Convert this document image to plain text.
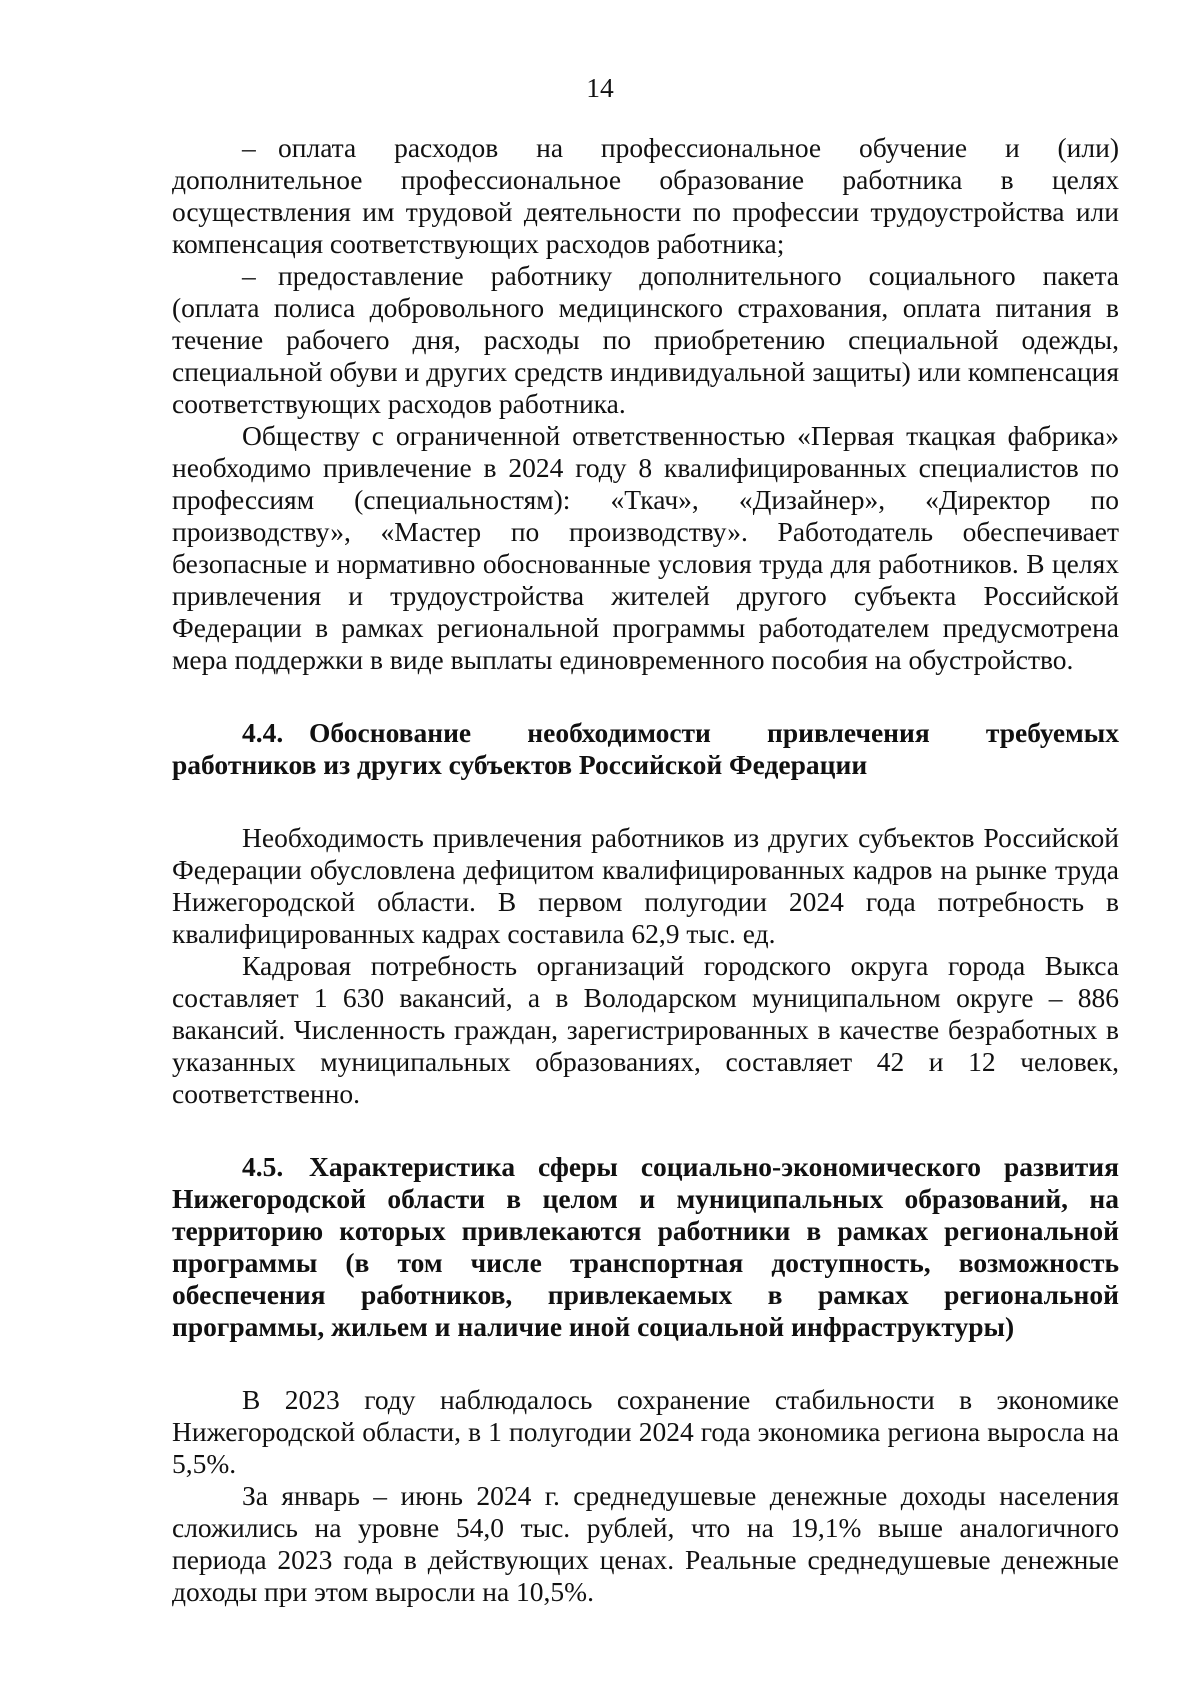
14

– оплата расходов на профессиональное обучение и (или) дополнительное профессиональное образование работника в целях осуществления им трудовой деятельности по профессии трудоустройства или компенсация соответствующих расходов работника;

– предоставление работнику дополнительного социального пакета (оплата полиса добровольного медицинского страхования, оплата питания в течение рабочего дня, расходы по приобретению специальной одежды, специальной обуви и других средств индивидуальной защиты) или компенсация соответствующих расходов работника.

Обществу с ограниченной ответственностью «Первая ткацкая фабрика» необходимо привлечение в 2024 году 8 квалифицированных специалистов по профессиям (специальностям): «Ткач», «Дизайнер», «Директор по производству», «Мастер по производству». Работодатель обеспечивает безопасные и нормативно обоснованные условия труда для работников. В целях привлечения и трудоустройства жителей другого субъекта Российской Федерации в рамках региональной программы работодателем предусмотрена мера поддержки в виде выплаты единовременного пособия на обустройство.

4.4. Обоснование необходимости привлечения требуемых работников из других субъектов Российской Федерации

Необходимость привлечения работников из других субъектов Российской Федерации обусловлена дефицитом квалифицированных кадров на рынке труда Нижегородской области. В первом полугодии 2024 года потребность в квалифицированных кадрах составила 62,9 тыс. ед.

Кадровая потребность организаций городского округа города Выкса составляет 1 630 вакансий, а в Володарском муниципальном округе – 886 вакансий. Численность граждан, зарегистрированных в качестве безработных в указанных муниципальных образованиях, составляет 42 и 12 человек, соответственно.

4.5. Характеристика сферы социально-экономического развития Нижегородской области в целом и муниципальных образований, на территорию которых привлекаются работники в рамках региональной программы (в том числе транспортная доступность, возможность обеспечения работников, привлекаемых в рамках региональной программы, жильем и наличие иной социальной инфраструктуры)

В 2023 году наблюдалось сохранение стабильности в экономике Нижегородской области, в 1 полугодии 2024 года экономика региона выросла на 5,5%.

За январь – июнь 2024 г. среднедушевые денежные доходы населения сложились на уровне 54,0 тыс. рублей, что на 19,1% выше аналогичного периода 2023 года в действующих ценах. Реальные среднедушевые денежные доходы при этом выросли на 10,5%.
